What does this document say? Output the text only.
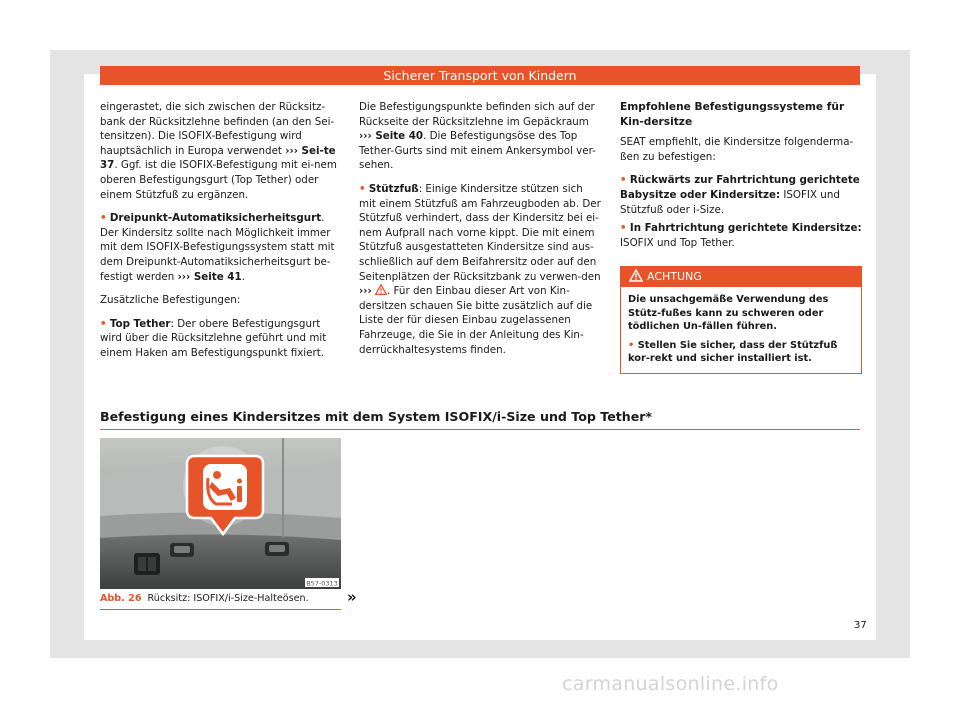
Sicherer Transport von Kindern

eingerastet, die sich zwischen der Rücksitz-bank der Rücksitzlehne befinden (an den Sei-tensitzen). Die ISOFIX-Befestigung wird hauptsächlich in Europa verwendet ››› Sei-te 37. Ggf. ist die ISOFIX-Befestigung mit ei-nem oberen Befestigungsgurt (Top Tether) oder einem Stützfuß zu ergänzen.

• Dreipunkt-Automatiksicherheitsgurt. Der Kindersitz sollte nach Möglichkeit immer mit dem ISOFIX-Befestigungssystem statt mit dem Dreipunkt-Automatiksicherheitsgurt be-festigt werden ››› Seite 41.

Zusätzliche Befestigungen:

• Top Tether: Der obere Befestigungsgurt wird über die Rücksitzlehne geführt und mit einem Haken am Befestigungspunkt fixiert.

Die Befestigungspunkte befinden sich auf der Rückseite der Rücksitzlehne im Gepäckraum ››› Seite 40. Die Befestigungsöse des Top Tether-Gurts sind mit einem Ankersymbol ver-sehen.

• Stützfuß: Einige Kindersitze stützen sich mit einem Stützfuß am Fahrzeugboden ab. Der Stützfuß verhindert, dass der Kindersitz bei ei-nem Aufprall nach vorne kippt. Die mit einem Stützfuß ausgestatteten Kindersitze sind aus-schließlich auf dem Beifahrersitz oder auf den Seitenplätzen der Rücksitzbank zu verwen-den ››› . Für den Einbau dieser Art von Kin-dersitzen schauen Sie bitte zusätzlich auf die Liste der für diesen Einbau zugelassenen Fahrzeuge, die Sie in der Anleitung des Kin-derrückhaltesystems finden.

Empfohlene Befestigungssysteme für Kin-dersitze

SEAT empfiehlt, die Kindersitze folgenderma-ßen zu befestigen:

• Rückwärts zur Fahrtrichtung gerichtete Babysitze oder Kindersitze: ISOFIX und Stützfuß oder i-Size.

• In Fahrtrichtung gerichtete Kindersitze: ISOFIX und Top Tether.

ACHTUNG

Die unsachgemäße Verwendung des Stütz-fußes kann zu schweren oder tödlichen Un-fällen führen.

• Stellen Sie sicher, dass der Stützfuß kor-rekt und sicher installiert ist.

Befestigung eines Kindersitzes mit dem System ISOFIX/i-Size und Top Tether*
B57-0313
Abb. 26 Rücksitz: ISOFIX/i-Size-Halteösen.	»
37
carmanualsonline.info
